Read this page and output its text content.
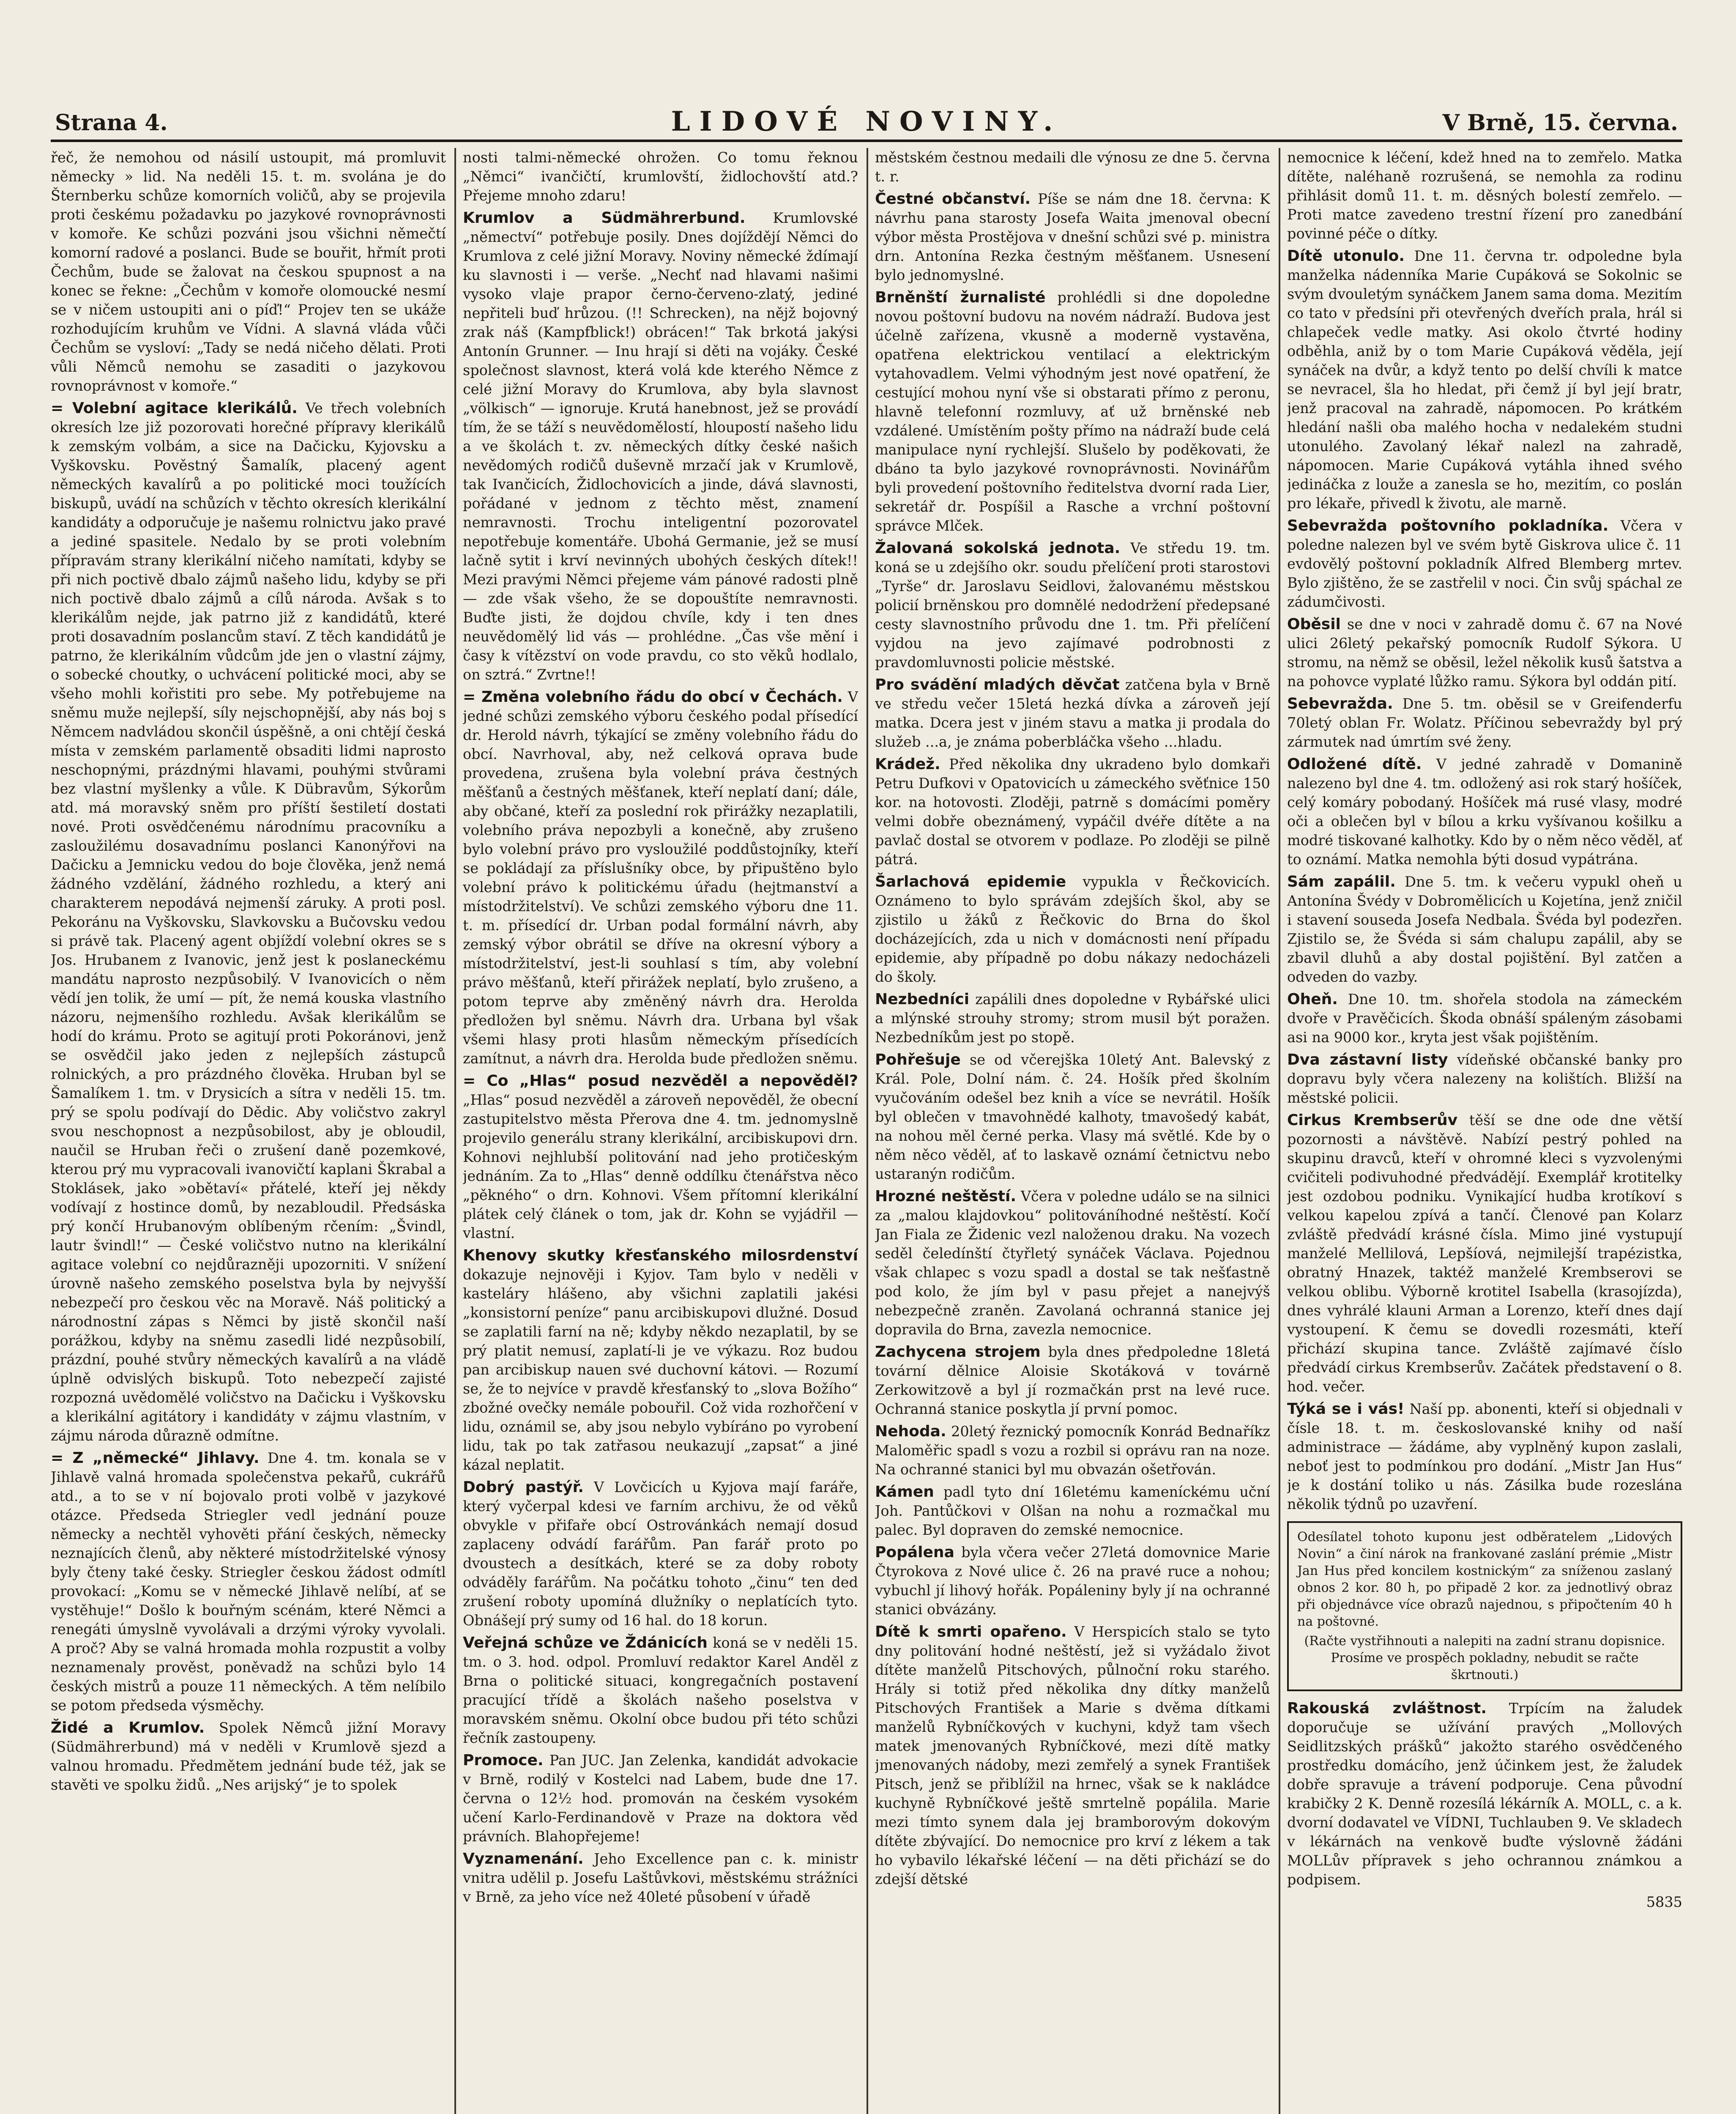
Strana 4.	LIDOVÉ NOVINY.	V Brně, 15. června.

řeč, že nemohou od násilí ustoupit, má promluvit německy » lid. Na neděli 15. t. m. svolána je do Šternberku schůze komorních voličů, aby se projevila proti českému požadavku po jazykové rovnoprávnosti v komoře. Ke schůzi pozváni jsou všichni němečtí komorní radové a poslanci. Bude se bouřit, hřmít proti Čechům, bude se žalovat na českou spupnost a na konec se řekne: „Čechům v komoře olomoucké nesmí se v ničem ustoupiti ani o píď!“ Projev ten se ukáže rozhodujícím kruhům ve Vídni. A slavná vláda vůči Čechům se vysloví: „Tady se nedá ničeho dělati. Proti vůli Němců nemohu se zasaditi o jazykovou rovnoprávnost v komoře.“

= Volební agitace klerikálů. Ve třech volebních okresích lze již pozorovati horečné přípravy klerikálů k zemským volbám, a sice na Dačicku, Kyjovsku a Vyškovsku. Pověstný Šamalík, placený agent německých kavalírů a po politické moci toužících biskupů, uvádí na schůzích v těchto okresích klerikální kandidáty a odporučuje je našemu rolnictvu jako pravé a jediné spasitele. Nedalo by se proti volebním přípravám strany klerikální ničeho namítati, kdyby se při nich poctivě dbalo zájmů našeho lidu, kdyby se při nich poctivě dbalo zájmů a cílů národa. Avšak s to klerikálům nejde, jak patrno již z kandidátů, které proti dosavadním poslancům staví. Z těch kandidátů je patrno, že klerikálním vůdcům jde jen o vlastní zájmy, o sobecké choutky, o uchvácení politické moci, aby se všeho mohli kořistiti pro sebe. My potřebujeme na sněmu muže nejlepší, síly nejschopnější, aby nás boj s Němcem nadvládou skončil úspěšně, a oni chtějí česká místa v zemském parlamentě obsaditi lidmi naprosto neschopnými, prázdnými hlavami, pouhými stvůrami bez vlastní myšlenky a vůle. K Dübravům, Sýkorům atd. má moravský sněm pro příští šestiletí dostati nové. Proti osvědčenému národnímu pracovníku a zasloužilému dosavadnímu poslanci Kanonýřovi na Dačicku a Jemnicku vedou do boje člověka, jenž nemá žádného vzdělání, žádného rozhledu, a který ani charakterem nepodává nejmenší záruky. A proti posl. Pekoránu na Vyškovsku, Slavkovsku a Bučovsku vedou si právě tak. Placený agent objíždí volební okres se s Jos. Hrubanem z Ivanovic, jenž jest k poslaneckému mandátu naprosto nezpůsobilý. V Ivanovicích o něm vědí jen tolik, že umí — pít, že nemá kouska vlastního názoru, nejmenšího rozhledu. Avšak klerikálům se hodí do krámu. Proto se agitují proti Pokoránovi, jenž se osvědčil jako jeden z nejlepších zástupců rolnických, a pro prázdného člověka. Hruban byl se Šamalíkem 1. tm. v Drysicích a sítra v neděli 15. tm. prý se spolu podívají do Dědic. Aby voličstvo zakryl svou neschopnost a nezpůsobilost, aby je obloudil, naučil se Hruban řeči o zrušení daně pozemkové, kterou prý mu vypracovali ivanovičtí kaplani Škrabal a Stoklásek, jako »obětaví« přátelé, kteří jej někdy vodívají z hostince domů, by nezabloudil. Předsáska prý končí Hrubanovým oblíbeným rčením: „Švindl, lautr švindl!“ — České voličstvo nutno na klerikální agitace volební co nejdůrazněji upozorniti. V snížení úrovně našeho zemského poselstva byla by nejvyšší nebezpečí pro českou věc na Moravě. Náš politický a národnostní zápas s Němci by jistě skončil naší porážkou, kdyby na sněmu zasedli lidé nezpůsobilí, prázdní, pouhé stvůry německých kavalírů a na vládě úplně odvislých biskupů. Toto nebezpečí zajisté rozpozná uvědomělé voličstvo na Dačicku i Vyškovsku a klerikální agitátory i kandidáty v zájmu vlastním, v zájmu národa důrazně odmítne.

= Z „německé“ Jihlavy. Dne 4. tm. konala se v Jihlavě valná hromada společenstva pekařů, cukrářů atd., a to se v ní bojovalo proti volbě v jazykové otázce. Předseda Striegler vedl jednání pouze německy a nechtěl vyhověti přání českých, německy neznajících členů, aby některé místodržitelské výnosy byly čteny také česky. Striegler českou žádost odmítl provokací: „Komu se v německé Jihlavě nelíbí, ať se vystěhuje!“ Došlo k bouřným scénám, které Němci a renegáti úmyslně vyvolávali a drzými výroky vyvolali. A proč? Aby se valná hromada mohla rozpustit a volby neznamenaly prověst, poněvadž na schůzi bylo 14 českých mistrů a pouze 11 německých. A těm nelíbilo se potom předseda výsměchy.

Židé a Krumlov. Spolek Němců jižní Moravy (Südmährerbund) má v neděli v Krumlově sjezd a valnou hromadu. Předmětem jednání bude též, jak se stavěti ve spolku židů. „Nes arijský“ je to spolek

nosti talmi-německé ohrožen. Co tomu řeknou „Němci“ ivančičtí, krumlovští, židlochovští atd.? Přejeme mnoho zdaru!

Krumlov a Südmährerbund. Krumlovské „němectví“ potřebuje posily. Dnes dojíždějí Němci do Krumlova z celé jižní Moravy. Noviny německé ždímají ku slavnosti i — verše. „Nechť nad hlavami našimi vysoko vlaje prapor černo-červeno-zlatý, jediné nepřiteli buď hrůzou. (!! Schrecken), na nějž bojovný zrak náš (Kampfblick!) obrácen!“ Tak brkotá jakýsi Antonín Grunner. — Inu hrají si děti na vojáky. České společnost slavnost, která volá kde kterého Němce z celé jižní Moravy do Krumlova, aby byla slavnost „völkisch“ — ignoruje. Krutá hanebnost, jež se provádí tím, že se táží s neuvědomělostí, hloupostí našeho lidu a ve školách t. zv. německých dítky české našich nevědomých rodičů duševně mrzačí jak v Krumlově, tak Ivančicích, Židlochovicích a jinde, dává slavnosti, pořádané v jednom z těchto měst, znamení nemravnosti. Trochu inteligentní pozorovatel nepotřebuje komentáře. Ubohá Germanie, jež se musí lačně sytit i krví nevinných ubohých českých dítek!! Mezi pravými Němci přejeme vám pánové radosti plně — zde však všeho, že se dopouštíte nemravnosti. Buďte jisti, že dojdou chvíle, kdy i ten dnes neuvědomělý lid vás — prohlédne. „Čas vše mění i časy k vítězství on vode pravdu, co sto věků hodlalo, on sztrá.“ Zvrtne!!

= Změna volebního řádu do obcí v Čechách. V jedné schůzi zemského výboru českého podal přísedící dr. Herold návrh, týkající se změny volebního řádu do obcí. Navrhoval, aby, než celková oprava bude provedena, zrušena byla volební práva čestných měšťanů a čestných měšťanek, kteří neplatí daní; dále, aby občané, kteří za poslední rok přirážky nezaplatili, volebního práva nepozbyli a konečně, aby zrušeno bylo volební právo pro vysloužilé poddůstojníky, kteří se pokládají za příslušníky obce, by připuštěno bylo volební právo k politickému úřadu (hejtmanství a místodržitelství). Ve schůzi zemského výboru dne 11. t. m. přísedící dr. Urban podal formální návrh, aby zemský výbor obrátil se dříve na okresní výbory a místodržitelství, jest-li souhlasí s tím, aby volební právo měšťanů, kteří přirážek neplatí, bylo zrušeno, a potom teprve aby změněný návrh dra. Herolda předložen byl sněmu. Návrh dra. Urbana byl však všemi hlasy proti hlasům německým přísedících zamítnut, a návrh dra. Herolda bude předložen sněmu.

= Co „Hlas“ posud nezvěděl a nepověděl? „Hlas“ posud nezvěděl a zároveň nepověděl, že obecní zastupitelstvo města Přerova dne 4. tm. jednomyslně projevilo generálu strany klerikální, arcibiskupovi drn. Kohnovi nejhlubší politování nad jeho protičeským jednáním. Za to „Hlas“ denně oddílku čtenářstva něco „pěkného“ o drn. Kohnovi. Všem přítomní klerikální plátek celý článek o tom, jak dr. Kohn se vyjádřil — vlastní.

Khenovy skutky křesťanského milosrdenství dokazuje nejnověji i Kyjov. Tam bylo v neděli v kasteláry hlášeno, aby všichni zaplatili jakési „konsistorní peníze“ panu arcibiskupovi dlužné. Dosud se zaplatili farní na ně; kdyby někdo nezaplatil, by se prý platit nemusí, zaplatí-li je ve výkazu. Roz budou pan arcibiskup nauen své duchovní kátovi. — Rozumí se, že to nejvíce v pravdě křesťanský to „slova Božího“ zbožné ovečky nemále pobouřil. Což vida rozhořčení v lidu, oznámil se, aby jsou nebylo vybíráno po vyrobení lidu, tak po tak zatřasou neukazují „zapsat“ a jiné kázal neplatit.

Dobrý pastýř. V Lovčicích u Kyjova mají faráře, který vyčerpal kdesi ve farním archivu, že od věků obvykle v přifaře obcí Ostrovánkách nemají dosud zaplaceny odvádí farářům. Pan farář proto po dvoustech a desítkách, které se za doby roboty odváděly farářům. Na počátku tohoto „činu“ ten ded zrušení roboty upomíná dlužníky o neplatících tyto. Obnášejí prý sumy od 16 hal. do 18 korun.

Veřejná schůze ve Ždánicích koná se v neděli 15. tm. o 3. hod. odpol. Promluví redaktor Karel Anděl z Brna o politické situaci, kongregačních postavení pracující třídě a školách našeho poselstva v moravském sněmu. Okolní obce budou při této schůzi řečník zastoupeny.

Promoce. Pan JUC. Jan Zelenka, kandidát advokacie v Brně, rodilý v Kostelci nad Labem, bude dne 17. června o 12½ hod. promován na českém vysokém učení Karlo-Ferdinandově v Praze na doktora věd právních. Blahopřejeme!

Vyznamenání. Jeho Excellence pan c. k. ministr vnitra udělil p. Josefu Laštůvkovi, městskému strážníci v Brně, za jeho více než 40leté působení v úřadě

městském čestnou medaili dle výnosu ze dne 5. června t. r.

Čestné občanství. Píše se nám dne 18. června: K návrhu pana starosty Josefa Waita jmenoval obecní výbor města Prostějova v dnešní schůzi své p. ministra drn. Antonína Rezka čestným měšťanem. Usnesení bylo jednomyslné.

Brněnští žurnalisté prohlédli si dne dopoledne novou poštovní budovu na novém nádraží. Budova jest účelně zařízena, vkusně a moderně vystavěna, opatřena elektrickou ventilací a elektrickým vytahovadlem. Velmi výhodným jest nové opatření, že cestující mohou nyní vše si obstarati přímo z peronu, hlavně telefonní rozmluvy, ať už brněnské neb vzdálené. Umístěním pošty přímo na nádraží bude celá manipulace nyní rychlejší. Slušelo by poděkovati, že dbáno ta bylo jazykové rovnoprávnosti. Novinářům byli provedení poštovního ředitelstva dvorní rada Lier, sekretář dr. Pospíšil a Rasche a vrchní poštovní správce Mlček.

Žalovaná sokolská jednota. Ve středu 19. tm. koná se u zdejšího okr. soudu přelíčení proti starostovi „Tyrše“ dr. Jaroslavu Seidlovi, žalovanému městskou policií brněnskou pro domnělé nedodržení předepsané cesty slavnostního průvodu dne 1. tm. Při přelíčení vyjdou na jevo zajímavé podrobnosti z pravdomluvnosti policie městské.

Pro svádění mladých děvčat zatčena byla v Brně ve středu večer 15letá hezká dívka a zároveň její matka. Dcera jest v jiném stavu a matka ji prodala do služeb ...a, je známa poberbláčka všeho ...hladu.

Krádež. Před několika dny ukradeno bylo domkaři Petru Dufkovi v Opatovicích u zámeckého svěťnice 150 kor. na hotovosti. Zloději, patrně s domácími poměry velmi dobře obeznámený, vypáčil dvéře dítěte a na pavlač dostal se otvorem v podlaze. Po zloději se pilně pátrá.

Šarlachová epidemie vypukla v Řečkovicích. Oznámeno to bylo správám zdejších škol, aby se zjistilo u žáků z Řečkovic do Brna do škol docházejících, zda u nich v domácnosti není případu epidemie, aby případně po dobu nákazy nedocházeli do školy.

Nezbedníci zapálili dnes dopoledne v Rybářské ulici a mlýnské strouhy stromy; strom musil být poražen. Nezbedníkům jest po stopě.

Pohřešuje se od včerejška 10letý Ant. Balevský z Král. Pole, Dolní nám. č. 24. Hošík před školním vyučováním odešel bez knih a více se nevrátil. Hošík byl oblečen v tmavohnědé kalhoty, tmavošedý kabát, na nohou měl černé perka. Vlasy má světlé. Kde by o něm něco věděl, ať to laskavě oznámí četnictvu nebo ustaranýn rodičům.

Hrozné neštěstí. Včera v poledne událo se na silnici za „malou klajdovkou“ politováníhodné neštěstí. Kočí Jan Fiala ze Židenic vezl naloženou draku. Na vozech seděl čeledínští čtyřletý synáček Václava. Pojednou však chlapec s vozu spadl a dostal se tak nešťastně pod kolo, že jím byl v pasu přejet a nanejvýš nebezpečně zraněn. Zavolaná ochranná stanice jej dopravila do Brna, zavezla nemocnice.

Zachycena strojem byla dnes předpoledne 18letá tovární dělnice Aloisie Skotáková v továrně Zerkowitzově a byl jí rozmačkán prst na levé ruce. Ochranná stanice poskytla jí první pomoc.

Nehoda. 20letý řeznický pomocník Konrád Bednaříkz Maloměřic spadl s vozu a rozbil si oprávu ran na noze. Na ochranné stanici byl mu obvazán ošetřován.

Kámen padl tyto dní 16letému kameníckému uční Joh. Pantůčkovi v Olšan na nohu a rozmačkal mu palec. Byl dopraven do zemské nemocnice.

Popálena byla včera večer 27letá domovnice Marie Čtyrokova z Nové ulice č. 26 na pravé ruce a nohou; vybuchl jí lihový hořák. Popáleniny byly jí na ochranné stanici obvázány.

Dítě k smrti opařeno. V Herspicích stalo se tyto dny politování hodné neštěstí, jež si vyžádalo život dítěte manželů Pitschových, půlnoční roku starého. Hrály si totiž před několika dny dítky manželů Pitschových František a Marie s dvěma dítkami manželů Rybníčkových v kuchyni, když tam všech matek jmenovaných Rybníčkové, mezi dítě matky jmenovaných nádoby, mezi zemřelý a synek František Pitsch, jenž se přiblížil na hrnec, však se k nakládce kuchyně Rybníčkové ještě smrtelně popálila. Marie mezi tímto synem dala jej bramborovým dokovým dítěte zbývající. Do nemocnice pro krví z lékem a tak ho vybavilo lékařské léčení — na děti přichází se do zdejší dětské

nemocnice k léčení, kdež hned na to zemřelo. Matka dítěte, naléhaně rozrušená, se nemohla za rodinu přihlásit domů 11. t. m. děsných bolestí zemřelo. — Proti matce zavedeno trestní řízení pro zanedbání povinné péče o dítky.

Dítě utonulo. Dne 11. června tr. odpoledne byla manželka nádenníka Marie Cupáková se Sokolnic se svým dvouletým synáčkem Janem sama doma. Mezitím co tato v předsíni při otevřených dveřích prala, hrál si chlapeček vedle matky. Asi okolo čtvrté hodiny odběhla, aniž by o tom Marie Cupáková věděla, její synáček na dvůr, a když tento po delší chvíli k matce se nevracel, šla ho hledat, při čemž jí byl její bratr, jenž pracoval na zahradě, nápomocen. Po krátkém hledání našli oba malého hocha v nedalekém studni utonulého. Zavolaný lékař nalezl na zahradě, nápomocen. Marie Cupáková vytáhla ihned svého jedináčka z louže a zanesla se ho, mezitím, co poslán pro lékaře, přivedl k životu, ale marně.

Sebevražda poštovního pokladníka. Včera v poledne nalezen byl ve svém bytě Giskrova ulice č. 11 evdovělý poštovní pokladník Alfred Blemberg mrtev. Bylo zjištěno, že se zastřelil v noci. Čin svůj spáchal ze zádumčivosti.

Oběsil se dne v noci v zahradě domu č. 67 na Nové ulici 26letý pekařský pomocník Rudolf Sýkora. U stromu, na němž se oběsil, ležel několik kusů šatstva a na pohovce vyplaté lůžko ramu. Sýkora byl oddán pití.

Sebevražda. Dne 5. tm. oběsil se v Greifenderfu 70letý oblan Fr. Wolatz. Příčinou sebevraždy byl prý zármutek nad úmrtím své ženy.

Odložené dítě. V jedné zahradě v Domanině nalezeno byl dne 4. tm. odložený asi rok starý hošíček, celý komáry pobodaný. Hošíček má rusé vlasy, modré oči a oblečen byl v bílou a krku vyšívanou košilku a modré tiskované kalhotky. Kdo by o něm něco věděl, ať to oznámí. Matka nemohla býti dosud vypátrána.

Sám zapálil. Dne 5. tm. k večeru vypukl oheň u Antonína Švédy v Dobromělicích u Kojetína, jenž zničil i stavení souseda Josefa Nedbala. Švéda byl podezřen. Zjistilo se, že Švéda si sám chalupu zapálil, aby se zbavil dluhů a aby dostal pojištění. Byl zatčen a odveden do vazby.

Oheň. Dne 10. tm. shořela stodola na zámeckém dvoře v Pravěčicích. Škoda obnáší spáleným zásobami asi na 9000 kor., kryta jest však pojištěním.

Dva zástavní listy vídeňské občanské banky pro dopravu byly včera nalezeny na kolištích. Bližší na městské policii.

Cirkus Krembserův těší se dne ode dne větší pozornosti a návštěvě. Nabízí pestrý pohled na skupinu dravců, kteří v ohromné kleci s vyzvolenými cvičiteli podivuhodné předvádějí. Exemplář krotitelky jest ozdobou podniku. Vynikající hudba krotíkoví s velkou kapelou zpívá a tančí. Členové pan Kolarz zvláště předvádí krásné čísla. Mimo jiné vystupují manželé Mellilová, Lepšíová, nejmilejší trapézistka, obratný Hnazek, taktéž manželé Krembserovi se velkou oblibu. Výborně krotitel Isabella (krasojízda), dnes vyhrálé klauni Arman a Lorenzo, kteří dnes dají vystoupení. K čemu se dovedli rozesmáti, kteří přichází skupina tance. Zvláště zajímavé číslo předvádí cirkus Krembserův. Začátek představení o 8. hod. večer.

Týká se i vás! Naší pp. abonenti, kteří si objednali v čísle 18. t. m. českoslovanské knihy od naší administrace — žádáme, aby vyplněný kupon zaslali, neboť jest to podmínkou pro dodání. „Mistr Jan Hus“ je k dostání toliko u nás. Zásilka bude rozeslána několik týdnů po uzavření.

Odesílatel tohoto kuponu jest odběratelem „Lidových Novin“ a činí nárok na frankované zaslání prémie „Mistr Jan Hus před koncilem kostnickým“ za sníženou zaslaný obnos 2 kor. 80 h, po připadě 2 kor. za jednotlivý obraz při objednávce více obrazů najednou, s připočtením 40 h na poštovné.
(Račte vystřihnouti a nalepiti na zadní stranu dopisnice. Prosíme ve prospěch pokladny, nebudit se račte škrtnouti.)
Rakouská zvláštnost. Trpícím na žaludek doporučuje se užívání pravých „Mollových Seidlitzských prášků“ jakožto starého osvědčeného prostředku domácího, jenž účinkem jest, že žaludek dobře spravuje a trávení podporuje. Cena původní krabičky 2 K. Denně rozesílá lékárník A. MOLL, c. a k. dvorní dodavatel ve VÍDNI, Tuchlauben 9. Ve skladech v lékárnách na venkově buďte výslovně žádáni MOLLův přípravek s jeho ochrannou známkou a podpisem.
5835
